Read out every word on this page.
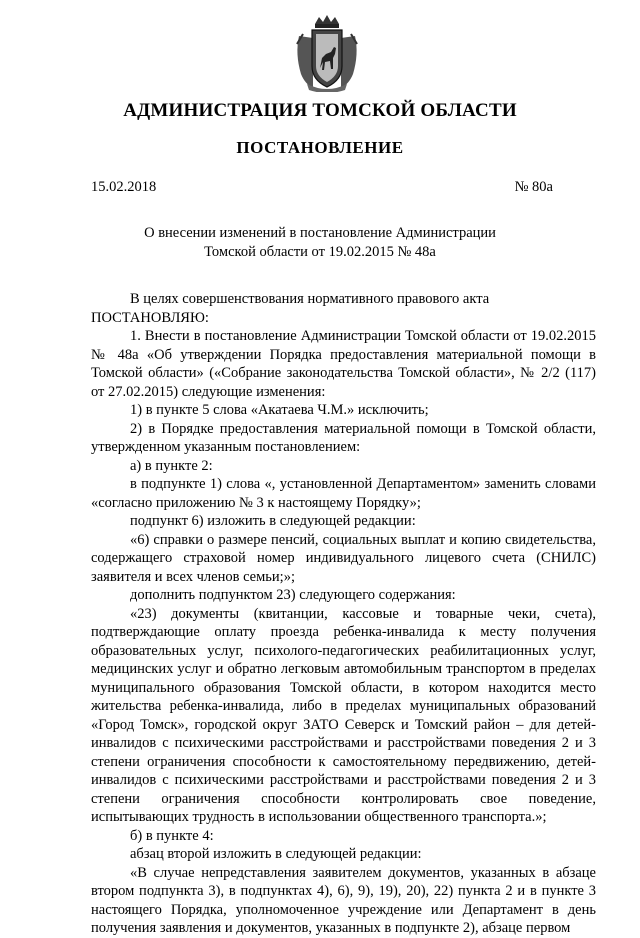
АДМИНИСТРАЦИЯ ТОМСКОЙ ОБЛАСТИ
ПОСТАНОВЛЕНИЕ
15.02.2018	№ 80а
О внесении изменений в постановление Администрации
Томской области от 19.02.2015 № 48а

В целях совершенствования нормативного правового акта

ПОСТАНОВЛЯЮ:

1. Внести в постановление Администрации Томской области от 19.02.2015 № 48а «Об утверждении Порядка предоставления материальной помощи в Томской области» («Собрание законодательства Томской области», № 2/2 (117) от 27.02.2015) следующие изменения:

1) в пункте 5 слова «Акатаева Ч.М.» исключить;

2) в Порядке предоставления материальной помощи в Томской области, утвержденном указанным постановлением:

а) в пункте 2:

в подпункте 1) слова «, установленной Департаментом» заменить словами «согласно приложению № 3 к настоящему Порядку»;

подпункт 6) изложить в следующей редакции:

«6) справки о размере пенсий, социальных выплат и копию свидетельства, содержащего страховой номер индивидуального лицевого счета (СНИЛС) заявителя и всех членов семьи;»;

дополнить подпунктом 23) следующего содержания:

«23) документы (квитанции, кассовые и товарные чеки, счета), подтверждающие оплату проезда ребенка-инвалида к месту получения образовательных услуг, психолого-педагогических реабилитационных услуг, медицинских услуг и обратно легковым автомобильным транспортом в пределах муниципального образования Томской области, в котором находится место жительства ребенка-инвалида, либо в пределах муниципальных образований «Город Томск», городской округ ЗАТО Северск и Томский район – для детей-инвалидов с психическими расстройствами и расстройствами поведения 2 и 3 степени ограничения способности к самостоятельному передвижению, детей-инвалидов с психическими расстройствами и расстройствами поведения 2 и 3 степени ограничения способности контролировать свое поведение, испытывающих трудность в использовании общественного транспорта.»;

б) в пункте 4:

абзац второй изложить в следующей редакции:

«В случае непредставления заявителем документов, указанных в абзаце втором подпункта 3), в подпунктах 4), 6), 9), 19), 20), 22) пункта 2 и в пункте 3 настоящего Порядка, уполномоченное учреждение или Департамент в день получения заявления и документов, указанных в подпункте 2), абзаце первом
